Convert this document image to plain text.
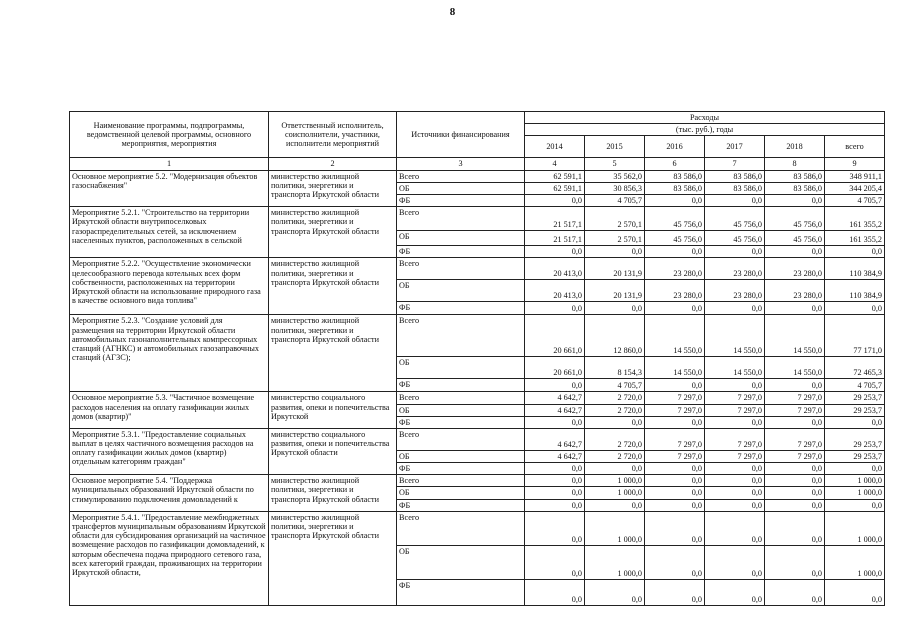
8
Наименование программы, подпрограммы, ведомственной целевой программы, основного мероприятия, мероприятия	Ответственный исполнитель, соисполнители, участники, исполнители мероприятий	Источники финансирования	Расходы					
			(тыс. руб.), годы					
			2014	2015	2016	2017	2018	всего
1	2	3	4	5	6	7	8	9
Основное мероприятие 5.2. "Модернизация объектов газоснабжения"	министерство жилищной политики, энергетики и транспорта Иркутской области	Всего	62 591,1	35 562,0	83 586,0	83 586,0	83 586,0	348 911,1
		ОБ	62 591,1	30 856,3	83 586,0	83 586,0	83 586,0	344 205,4
		ФБ	0,0	4 705,7	0,0	0,0	0,0	4 705,7
Мероприятие 5.2.1. "Строительство на территории Иркутской области внутрипоселковых газораспределительных сетей, за исключением населенных пунктов, расположенных в сельской	министерство жилищной политики, энергетики и транспорта Иркутской области	Всего	21 517,1	2 570,1	45 756,0	45 756,0	45 756,0	161 355,2
		ОБ	21 517,1	2 570,1	45 756,0	45 756,0	45 756,0	161 355,2
		ФБ	0,0	0,0	0,0	0,0	0,0	0,0
Мероприятие 5.2.2. "Осуществление экономически целесообразного перевода котельных всех форм собственности, расположенных на территории Иркутской области на использование природного газа в качестве основного вида топлива"	министерство жилищной политики, энергетики и транспорта Иркутской области	Всего	20 413,0	20 131,9	23 280,0	23 280,0	23 280,0	110 384,9
		ОБ	20 413,0	20 131,9	23 280,0	23 280,0	23 280,0	110 384,9
		ФБ	0,0	0,0	0,0	0,0	0,0	0,0
Мероприятие 5.2.3. "Создание условий для размещения на территории Иркутской области автомобильных газонаполнительных компрессорных станций (АГНКС) и автомобильных газозаправочных станций (АГЗС);	министерство жилищной политики, энергетики и транспорта Иркутской области	Всего	20 661,0	12 860,0	14 550,0	14 550,0	14 550,0	77 171,0
		ОБ	20 661,0	8 154,3	14 550,0	14 550,0	14 550,0	72 465,3
		ФБ	0,0	4 705,7	0,0	0,0	0,0	4 705,7
Основное мероприятие 5.3. "Частичное возмещение расходов населения на оплату газификации жилых домов (квартир)"	министерство социального развития, опеки и попечительства Иркутской	Всего	4 642,7	2 720,0	7 297,0	7 297,0	7 297,0	29 253,7
		ОБ	4 642,7	2 720,0	7 297,0	7 297,0	7 297,0	29 253,7
		ФБ	0,0	0,0	0,0	0,0	0,0	0,0
Мероприятие 5.3.1. "Предоставление социальных выплат в целях частичного возмещения расходов на оплату газификации жилых домов (квартир) отдельным категориям граждан"	министерство социального развития, опеки и попечительства Иркутской области	Всего	4 642,7	2 720,0	7 297,0	7 297,0	7 297,0	29 253,7
		ОБ	4 642,7	2 720,0	7 297,0	7 297,0	7 297,0	29 253,7
		ФБ	0,0	0,0	0,0	0,0	0,0	0,0
Основное мероприятие 5.4. "Поддержка муниципальных образований Иркутской области по стимулированию подключения домовладений к	министерство жилищной политики, энергетики и транспорта Иркутской области	Всего	0,0	1 000,0	0,0	0,0	0,0	1 000,0
		ОБ	0,0	1 000,0	0,0	0,0	0,0	1 000,0
		ФБ	0,0	0,0	0,0	0,0	0,0	0,0
Мероприятие 5.4.1. "Предоставление межбюджетных трансфертов муниципальным образованиям Иркутской области для субсидирования организаций на частичное возмещение расходов по газификации домовладений, к которым обеспечена подача природного сетевого газа, всех категорий граждан, проживающих на территории Иркутской области,	министерство жилищной политики, энергетики и транспорта Иркутской области	Всего	0,0	1 000,0	0,0	0,0	0,0	1 000,0
		ОБ	0,0	1 000,0	0,0	0,0	0,0	1 000,0
		ФБ	0,0	0,0	0,0	0,0	0,0	0,0
